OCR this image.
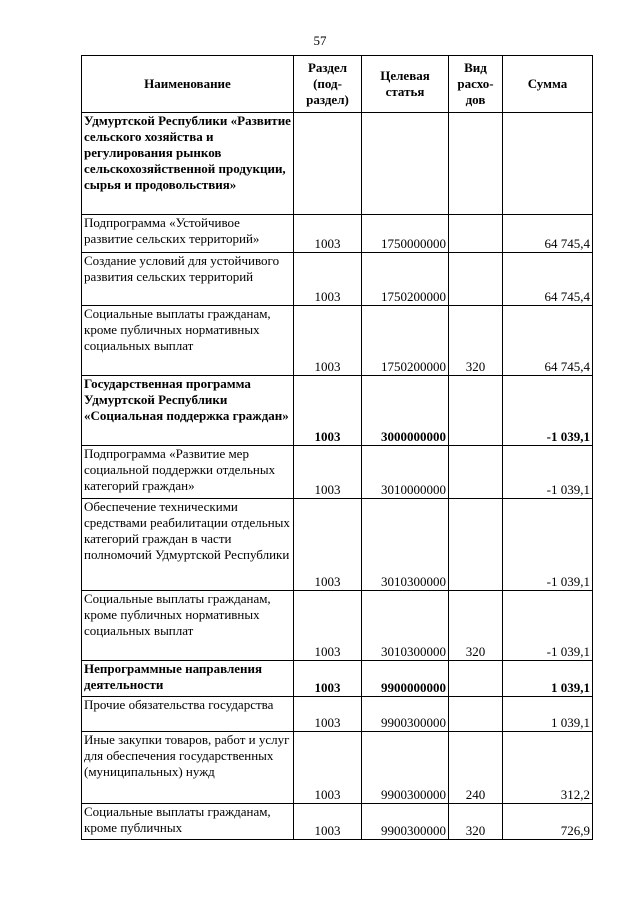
57
Наименование	Раздел (под-раздел)	Целевая статья	Вид расхо-дов	Сумма
Удмуртской Республики «Развитие сельского хозяйства и регулирования рынков сельскохозяйственной продукции, сырья и продовольствия»				
Подпрограмма «Устойчивое развитие сельских территорий»	1003	1750000000		64 745,4
Создание условий для устойчивого развития сельских территорий	1003	1750200000		64 745,4
Социальные выплаты гражданам, кроме публичных нормативных социальных выплат	1003	1750200000	320	64 745,4
Государственная программа Удмуртской Республики «Социальная поддержка граждан»	1003	3000000000		-1 039,1
Подпрограмма «Развитие мер социальной поддержки отдельных категорий граждан»	1003	3010000000		-1 039,1
Обеспечение техническими средствами реабилитации отдельных категорий граждан в части полномочий Удмуртской Республики	1003	3010300000		-1 039,1
Социальные выплаты гражданам, кроме публичных нормативных социальных выплат	1003	3010300000	320	-1 039,1
Непрограммные направления деятельности	1003	9900000000		1 039,1
Прочие обязательства государства	1003	9900300000		1 039,1
Иные закупки товаров, работ и услуг для обеспечения государственных (муниципальных) нужд	1003	9900300000	240	312,2
Социальные выплаты гражданам, кроме публичных	1003	9900300000	320	726,9
